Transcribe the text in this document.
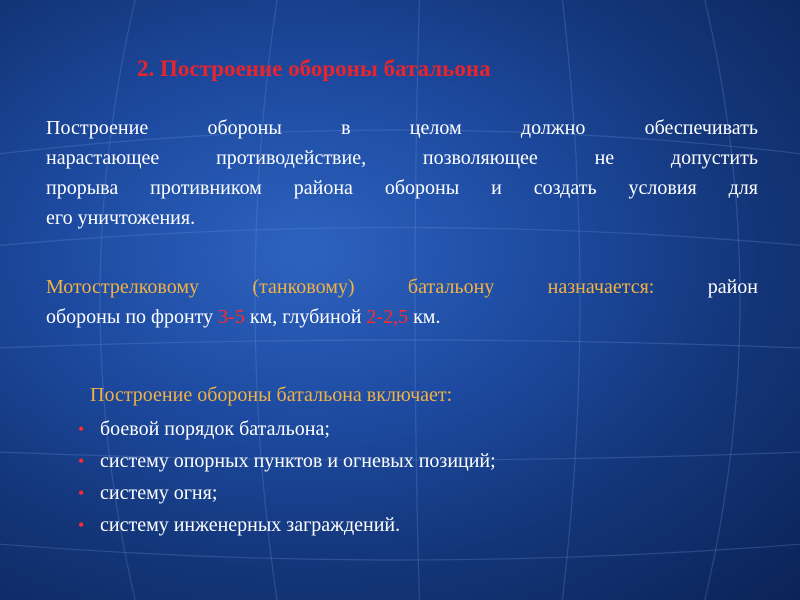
2. Построение обороны батальона
Построение обороны в целом должно обеспечивать
нарастающее противодействие, позволяющее не допустить
прорыва противником района обороны и создать условия для
его уничтожения.
Мотострелковому (танковому) батальону назначается: район
обороны по фронту 3-5 км, глубиной 2-2,5 км.
Построение обороны батальона включает:
• боевой порядок батальона;
• систему опорных пунктов и огневых позиций;
• систему огня;
• систему инженерных заграждений.
